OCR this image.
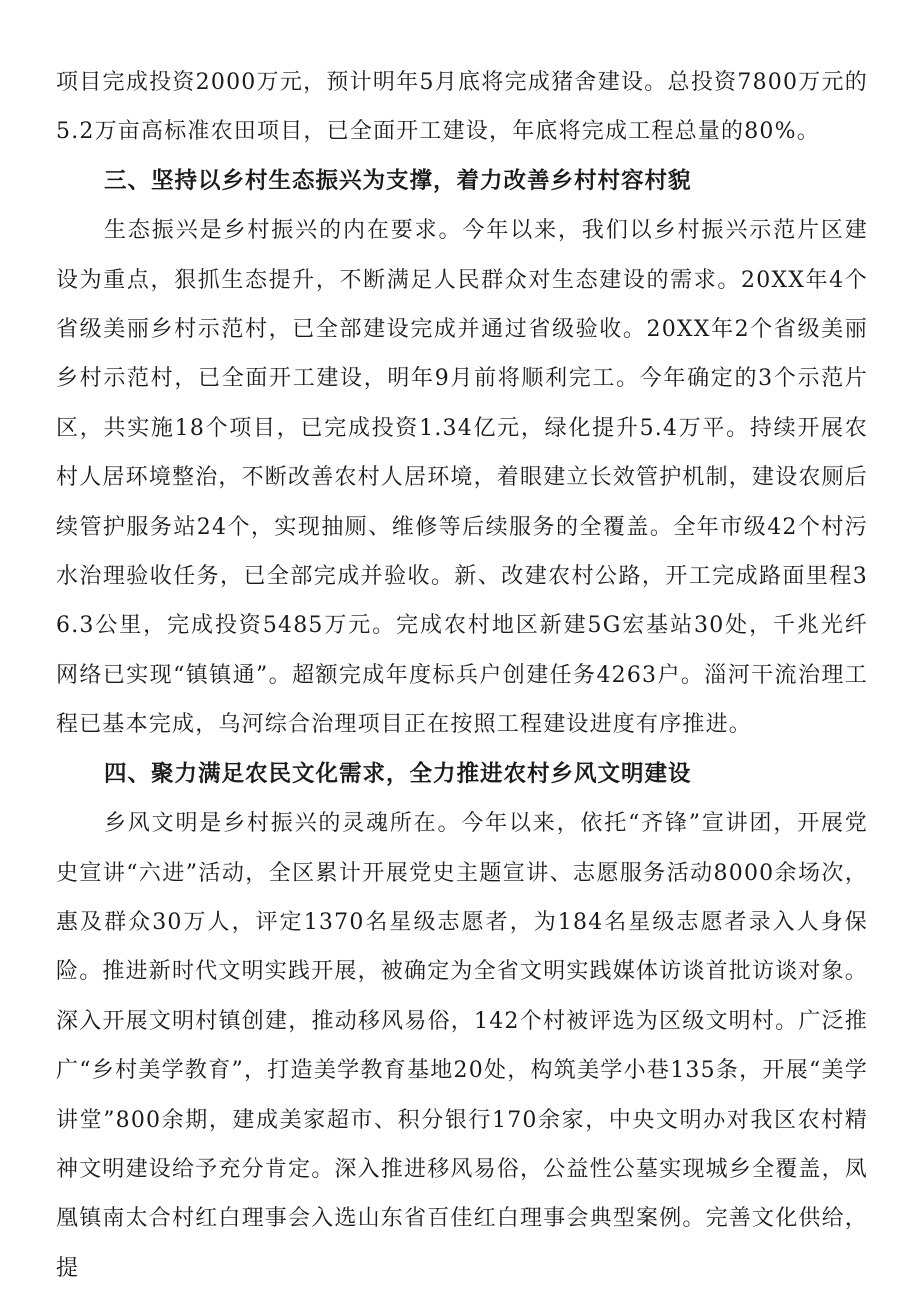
项目完成投资2000万元，预计明年5月底将完成猪舍建设。总投资7800万元的5.2万亩高标准农田项目，已全面开工建设，年底将完成工程总量的80%。

三、坚持以乡村生态振兴为支撑，着力改善乡村村容村貌

生态振兴是乡村振兴的内在要求。今年以来，我们以乡村振兴示范片区建设为重点，狠抓生态提升，不断满足人民群众对生态建设的需求。20XX年4个省级美丽乡村示范村，已全部建设完成并通过省级验收。20XX年2个省级美丽乡村示范村，已全面开工建设，明年9月前将顺利完工。今年确定的3个示范片区，共实施18个项目，已完成投资1.34亿元，绿化提升5.4万平。持续开展农村人居环境整治，不断改善农村人居环境，着眼建立长效管护机制，建设农厕后续管护服务站24个，实现抽厕、维修等后续服务的全覆盖。全年市级42个村污水治理验收任务，已全部完成并验收。新、改建农村公路，开工完成路面里程36.3公里，完成投资5485万元。完成农村地区新建5G宏基站30处，千兆光纤网络已实现“镇镇通”。超额完成年度标兵户创建任务4263户。淄河干流治理工程已基本完成，乌河综合治理项目正在按照工程建设进度有序推进。

四、聚力满足农民文化需求，全力推进农村乡风文明建设

乡风文明是乡村振兴的灵魂所在。今年以来，依托“齐锋”宣讲团，开展党史宣讲“六进”活动，全区累计开展党史主题宣讲、志愿服务活动8000余场次，惠及群众30万人，评定1370名星级志愿者，为184名星级志愿者录入人身保险。推进新时代文明实践开展，被确定为全省文明实践媒体访谈首批访谈对象。深入开展文明村镇创建，推动移风易俗，142个村被评选为区级文明村。广泛推广“乡村美学教育”，打造美学教育基地20处，构筑美学小巷135条，开展“美学讲堂”800余期，建成美家超市、积分银行170余家，中央文明办对我区农村精神文明建设给予充分肯定。深入推进移风易俗，公益性公墓实现城乡全覆盖，凤凰镇南太合村红白理事会入选山东省百佳红白理事会典型案例。完善文化供给，提
